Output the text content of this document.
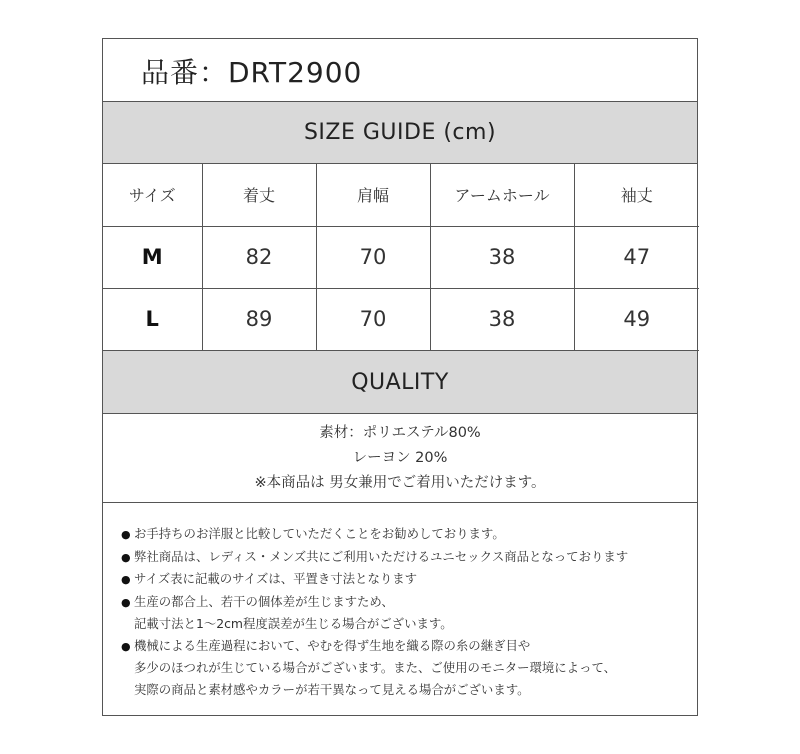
品番：DRT2900
SIZE GUIDE (cm)
サイズ	着丈	肩幅	アームホール	袖丈
M	82	70	38	47
L	89	70	38	49
QUALITY
素材：ポリエステル80%
レーヨン 20%
※本商品は 男女兼用でご着用いただけます。
● お手持ちのお洋服と比較していただくことをお勧めしております。
● 弊社商品は、レディス・メンズ共にご利用いただけるユニセックス商品となっております
● サイズ表に記載のサイズは、平置き寸法となります
● 生産の都合上、若干の個体差が生じますため、
記載寸法と1～2cm程度誤差が生じる場合がございます。
● 機械による生産過程において、やむを得ず生地を織る際の糸の継ぎ目や
多少のほつれが生じている場合がございます。また、ご使用のモニター環境によって、
実際の商品と素材感やカラーが若干異なって見える場合がございます。
